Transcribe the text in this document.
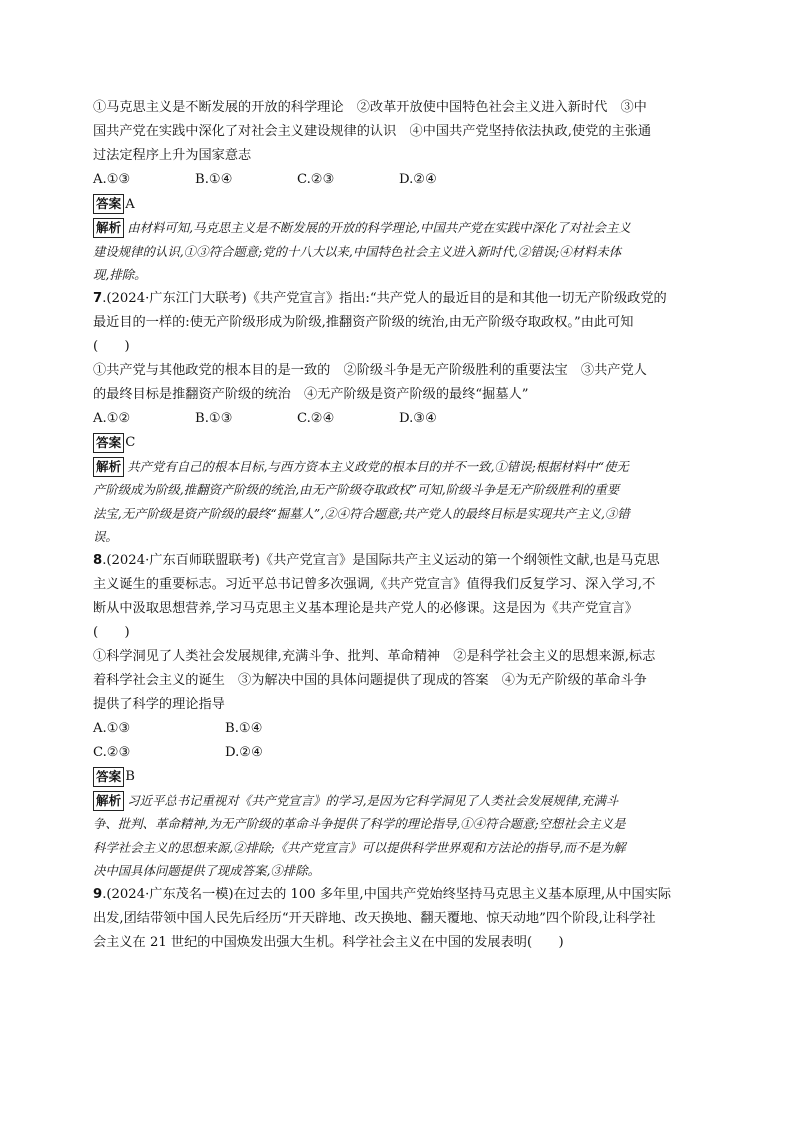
①马克思主义是不断发展的开放的科学理论　②改革开放使中国特色社会主义进入新时代　③中
国共产党在实践中深化了对社会主义建设规律的认识　④中国共产党坚持依法执政,使党的主张通
过法定程序上升为国家意志
A.①③	B.①④	C.②③	D.②④
答案 A
解析 由材料可知,马克思主义是不断发展的开放的科学理论,中国共产党在实践中深化了对社会主义
建设规律的认识,①③符合题意;党的十八大以来,中国特色社会主义进入新时代,②错误;④材料未体
现,排除。
7.(2024·广东江门大联考)《共产党宣言》指出:“共产党人的最近目的是和其他一切无产阶级政党的
最近目的一样的:使无产阶级形成为阶级,推翻资产阶级的统治,由无产阶级夺取政权。”由此可知
(　　)
①共产党与其他政党的根本目的是一致的　②阶级斗争是无产阶级胜利的重要法宝　③共产党人
的最终目标是推翻资产阶级的统治　④无产阶级是资产阶级的最终“掘墓人”
A.①②	B.①③	C.②④	D.③④
答案 C
解析 共产党有自己的根本目标,与西方资本主义政党的根本目的并不一致,①错误;根据材料中“使无
产阶级成为阶级,推翻资产阶级的统治,由无产阶级夺取政权”可知,阶级斗争是无产阶级胜利的重要
法宝,无产阶级是资产阶级的最终“掘墓人”,②④符合题意;共产党人的最终目标是实现共产主义,③错
误。
8.(2024·广东百师联盟联考)《共产党宣言》是国际共产主义运动的第一个纲领性文献,也是马克思
主义诞生的重要标志。习近平总书记曾多次强调,《共产党宣言》值得我们反复学习、深入学习,不
断从中汲取思想营养,学习马克思主义基本理论是共产党人的必修课。这是因为《共产党宣言》
(　　)
①科学洞见了人类社会发展规律,充满斗争、批判、革命精神　②是科学社会主义的思想来源,标志
着科学社会主义的诞生　③为解决中国的具体问题提供了现成的答案　④为无产阶级的革命斗争
提供了科学的理论指导
A.①③	B.①④
C.②③	D.②④
答案 B
解析 习近平总书记重视对《共产党宣言》的学习,是因为它科学洞见了人类社会发展规律,充满斗
争、批判、革命精神,为无产阶级的革命斗争提供了科学的理论指导,①④符合题意;空想社会主义是
科学社会主义的思想来源,②排除;《共产党宣言》可以提供科学世界观和方法论的指导,而不是为解
决中国具体问题提供了现成答案,③排除。
9.(2024·广东茂名一模)在过去的 100 多年里,中国共产党始终坚持马克思主义基本原理,从中国实际
出发,团结带领中国人民先后经历“开天辟地、改天换地、翻天覆地、惊天动地”四个阶段,让科学社
会主义在 21 世纪的中国焕发出强大生机。科学社会主义在中国的发展表明(　　)
